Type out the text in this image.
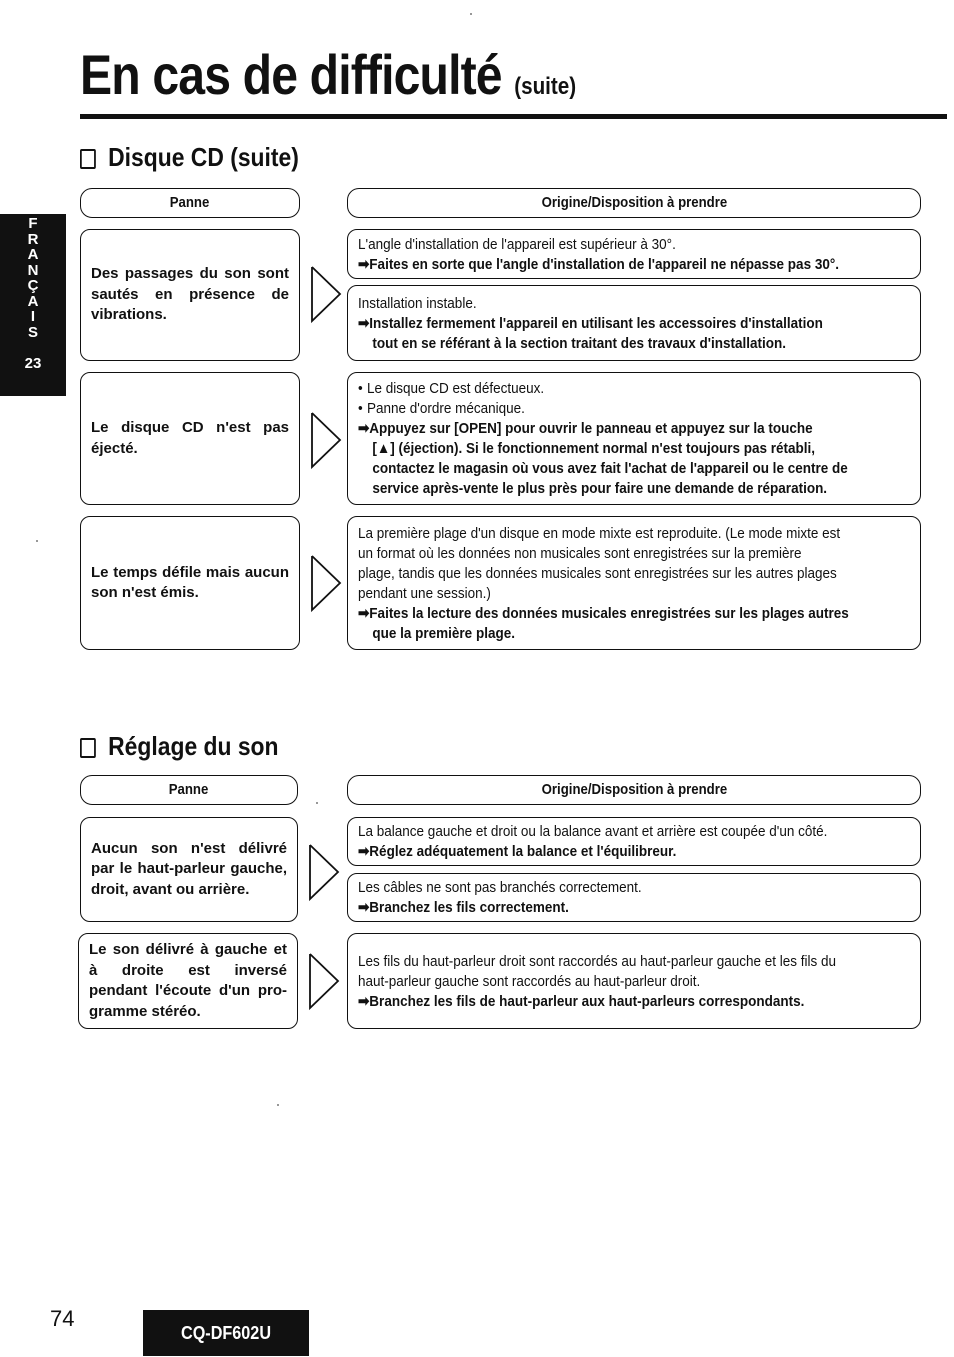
En cas de difficulté (suite)
F
R
A
N
Ç
A
I
S
23
Disque CD (suite)
Panne	Origine/Disposition à prendre
Des passages du son sont sautés en présence de vibrations.
L'angle d'installation de l'appareil est supérieur à 30°.
➡Faites en sorte que l'angle d'installation de l'appareil ne népasse pas 30°.
Installation instable.
➡Installez fermement l'appareil en utilisant les accessoires d'installation
tout en se référant à la section traitant des travaux d'installation.
Le disque CD n'est pas éjecté.
• Le disque CD est défectueux.
• Panne d'ordre mécanique.
➡Appuyez sur [OPEN] pour ouvrir le panneau et appuyez sur la touche
[▲] (éjection). Si le fonctionnement normal n'est toujours pas rétabli,
contactez le magasin où vous avez fait l'achat de l'appareil ou le centre de
service après-vente le plus près pour faire une demande de réparation.
Le temps défile mais aucun son n'est émis.
La première plage d'un disque en mode mixte est reproduite. (Le mode mixte est
un format où les données non musicales sont enregistrées sur la première
plage, tandis que les données musicales sont enregistrées sur les autres plages
pendant une session.)
➡Faites la lecture des données musicales enregistrées sur les plages autres
que la première plage.
Réglage du son
Panne	Origine/Disposition à prendre
Aucun son n'est délivré par le haut-parleur gauche, droit, avant ou arrière.
La balance gauche et droit ou la balance avant et arrière est coupée d'un côté.
➡Réglez adéquatement la balance et l'équilibreur.
Les câbles ne sont pas branchés correctement.
➡Branchez les fils correctement.
Le son délivré à gauche et à droite est inversé pendant l'écoute d'un pro-gramme stéréo.
Les fils du haut-parleur droit sont raccordés au haut-parleur gauche et les fils du
haut-parleur gauche sont raccordés au haut-parleur droit.
➡Branchez les fils de haut-parleur aux haut-parleurs correspondants.
74
CQ-DF602U
